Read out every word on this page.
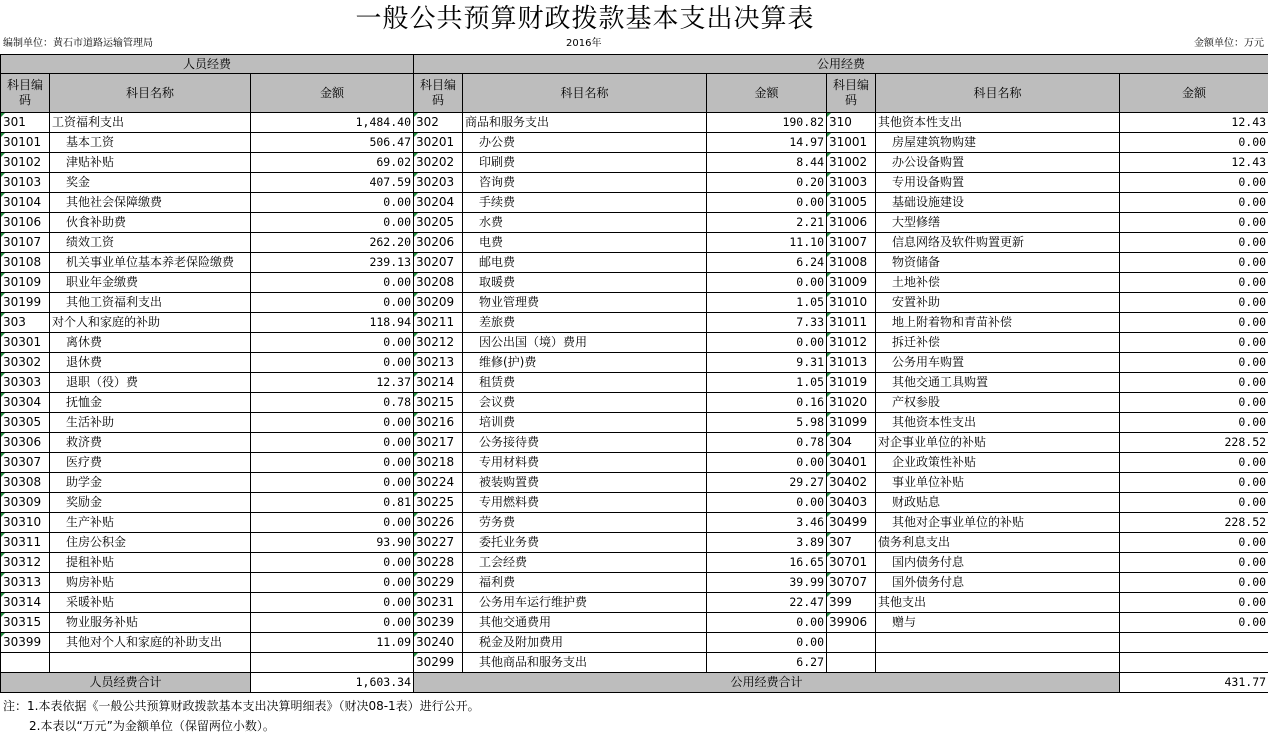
一般公共预算财政拨款基本支出决算表
编制单位：黄石市道路运输管理局	2016年	金额单位：万元
人员经费			公用经费					
科目编码	科目名称	金额	科目编码	科目名称	金额	科目编码	科目名称	金额
301	工资福利支出	1,484.40	302	商品和服务支出	190.82	310	其他资本性支出	12.43
30101	基本工资	506.47	30201	办公费	14.97	31001	房屋建筑物购建	0.00
30102	津贴补贴	69.02	30202	印刷费	8.44	31002	办公设备购置	12.43
30103	奖金	407.59	30203	咨询费	0.20	31003	专用设备购置	0.00
30104	其他社会保障缴费	0.00	30204	手续费	0.00	31005	基础设施建设	0.00
30106	伙食补助费	0.00	30205	水费	2.21	31006	大型修缮	0.00
30107	绩效工资	262.20	30206	电费	11.10	31007	信息网络及软件购置更新	0.00
30108	机关事业单位基本养老保险缴费	239.13	30207	邮电费	6.24	31008	物资储备	0.00
30109	职业年金缴费	0.00	30208	取暖费	0.00	31009	土地补偿	0.00
30199	其他工资福利支出	0.00	30209	物业管理费	1.05	31010	安置补助	0.00
303	对个人和家庭的补助	118.94	30211	差旅费	7.33	31011	地上附着物和青苗补偿	0.00
30301	离休费	0.00	30212	因公出国（境）费用	0.00	31012	拆迁补偿	0.00
30302	退休费	0.00	30213	维修(护)费	9.31	31013	公务用车购置	0.00
30303	退职（役）费	12.37	30214	租赁费	1.05	31019	其他交通工具购置	0.00
30304	抚恤金	0.78	30215	会议费	0.16	31020	产权参股	0.00
30305	生活补助	0.00	30216	培训费	5.98	31099	其他资本性支出	0.00
30306	救济费	0.00	30217	公务接待费	0.78	304	对企事业单位的补贴	228.52
30307	医疗费	0.00	30218	专用材料费	0.00	30401	企业政策性补贴	0.00
30308	助学金	0.00	30224	被装购置费	29.27	30402	事业单位补贴	0.00
30309	奖励金	0.81	30225	专用燃料费	0.00	30403	财政贴息	0.00
30310	生产补贴	0.00	30226	劳务费	3.46	30499	其他对企事业单位的补贴	228.52
30311	住房公积金	93.90	30227	委托业务费	3.89	307	债务利息支出	0.00
30312	提租补贴	0.00	30228	工会经费	16.65	30701	国内债务付息	0.00
30313	购房补贴	0.00	30229	福利费	39.99	30707	国外债务付息	0.00
30314	采暖补贴	0.00	30231	公务用车运行维护费	22.47	399	其他支出	0.00
30315	物业服务补贴	0.00	30239	其他交通费用	0.00	39906	赠与	0.00
30399	其他对个人和家庭的补助支出	11.09	30240	税金及附加费用	0.00			
			30299	其他商品和服务支出	6.27			
人员经费合计		1,603.34	公用经费合计					431.77
注：1.本表依据《一般公共预算财政拨款基本支出决算明细表》（财决08-1表）进行公开。
2.本表以“万元”为金额单位（保留两位小数）。
